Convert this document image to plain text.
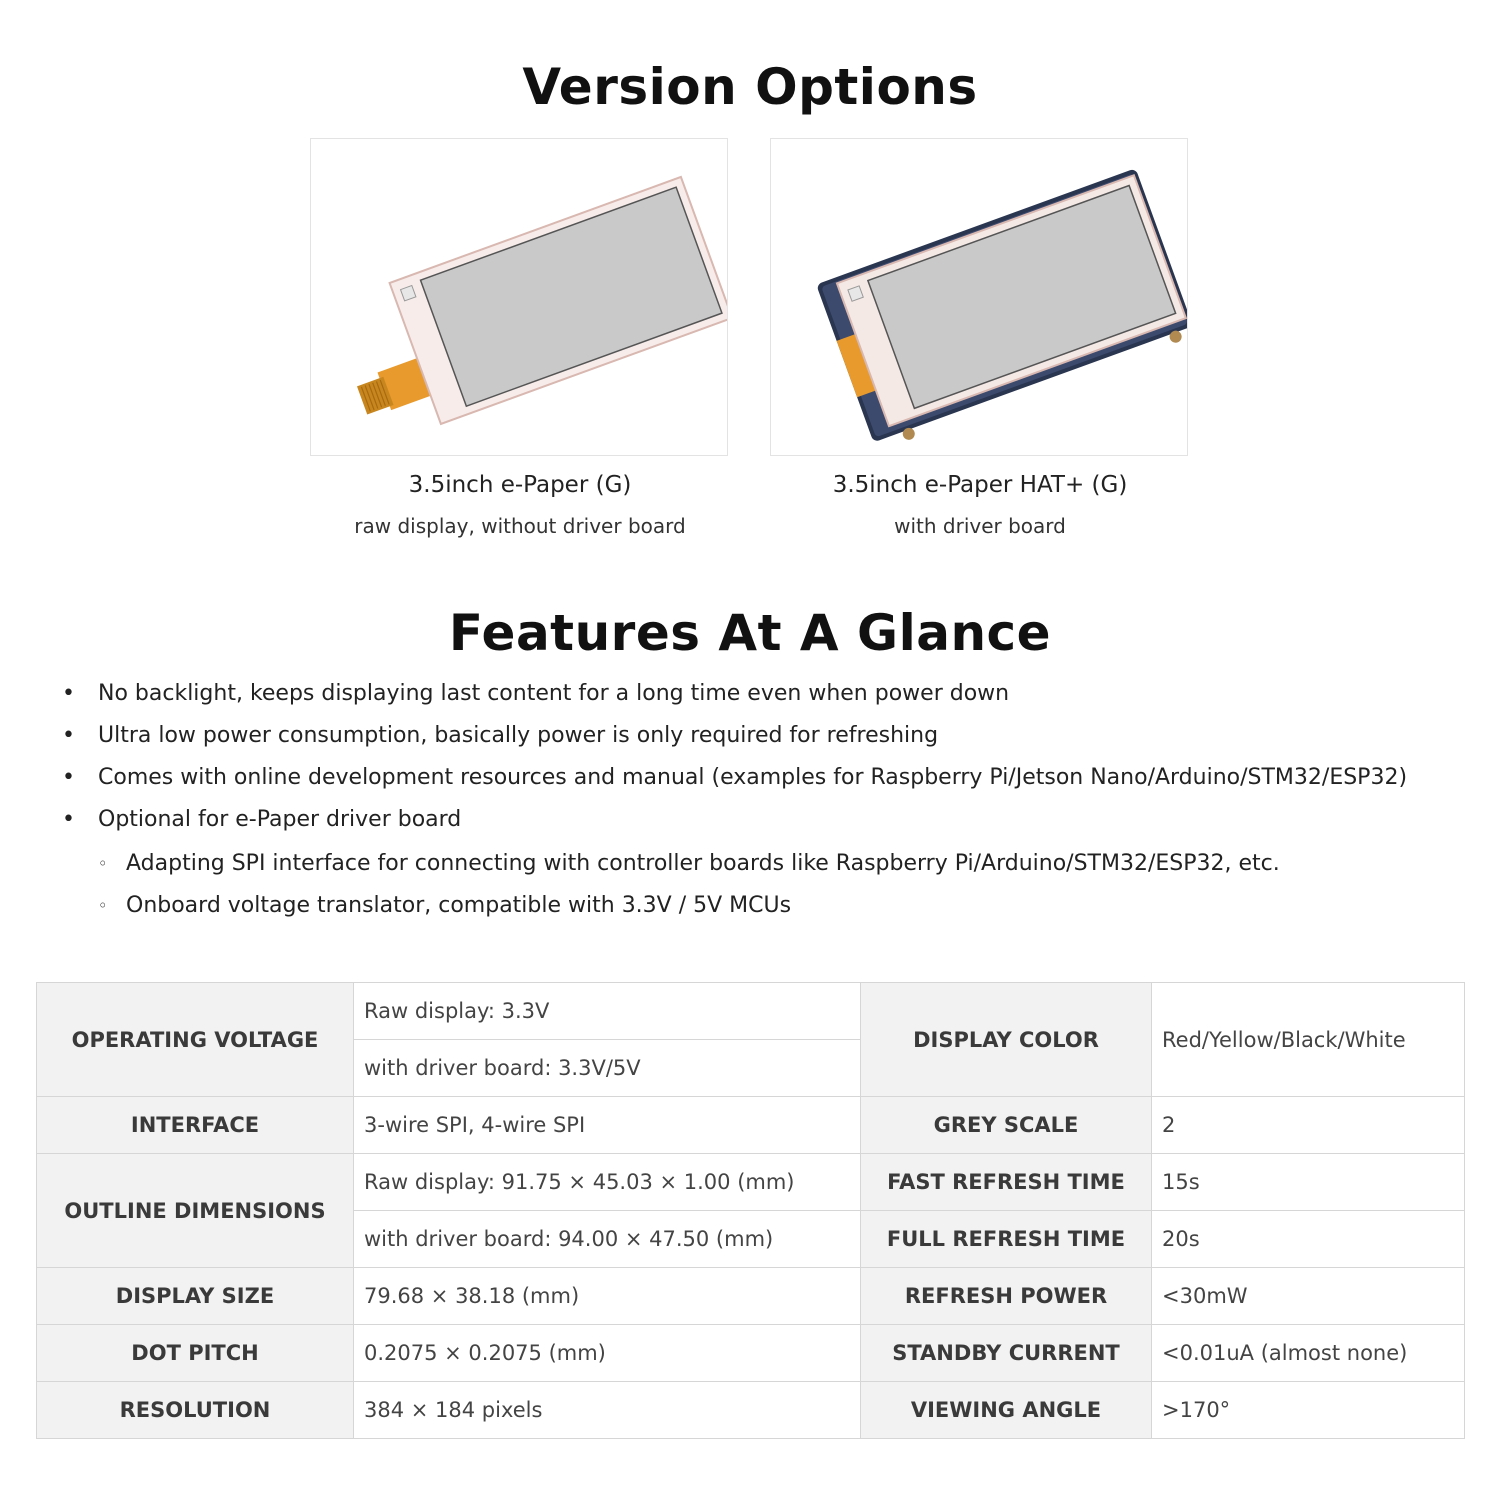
Version Options
3.5inch e-Paper (G)
raw display, without driver board
3.5inch e-Paper HAT+ (G)
with driver board
Features At A Glance
• No backlight, keeps displaying last content for a long time even when power down
• Ultra low power consumption, basically power is only required for refreshing
• Comes with online development resources and manual (examples for Raspberry Pi/Jetson Nano/Arduino/STM32/ESP32)
• Optional for e-Paper driver board
◦ Adapting SPI interface for connecting with controller boards like Raspberry Pi/Arduino/STM32/ESP32, etc.
◦ Onboard voltage translator, compatible with 3.3V / 5V MCUs
OPERATING VOLTAGE	Raw display: 3.3V	DISPLAY COLOR	Red/Yellow/Black/White
	with driver board: 3.3V/5V		
INTERFACE	3-wire SPI, 4-wire SPI	GREY SCALE	2
OUTLINE DIMENSIONS	Raw display: 91.75 × 45.03 × 1.00 (mm)	FAST REFRESH TIME	15s
	with driver board: 94.00 × 47.50 (mm)	FULL REFRESH TIME	20s
DISPLAY SIZE	79.68 × 38.18 (mm)	REFRESH POWER	<30mW
DOT PITCH	0.2075 × 0.2075 (mm)	STANDBY CURRENT	<0.01uA (almost none)
RESOLUTION	384 × 184 pixels	VIEWING ANGLE	>170°
